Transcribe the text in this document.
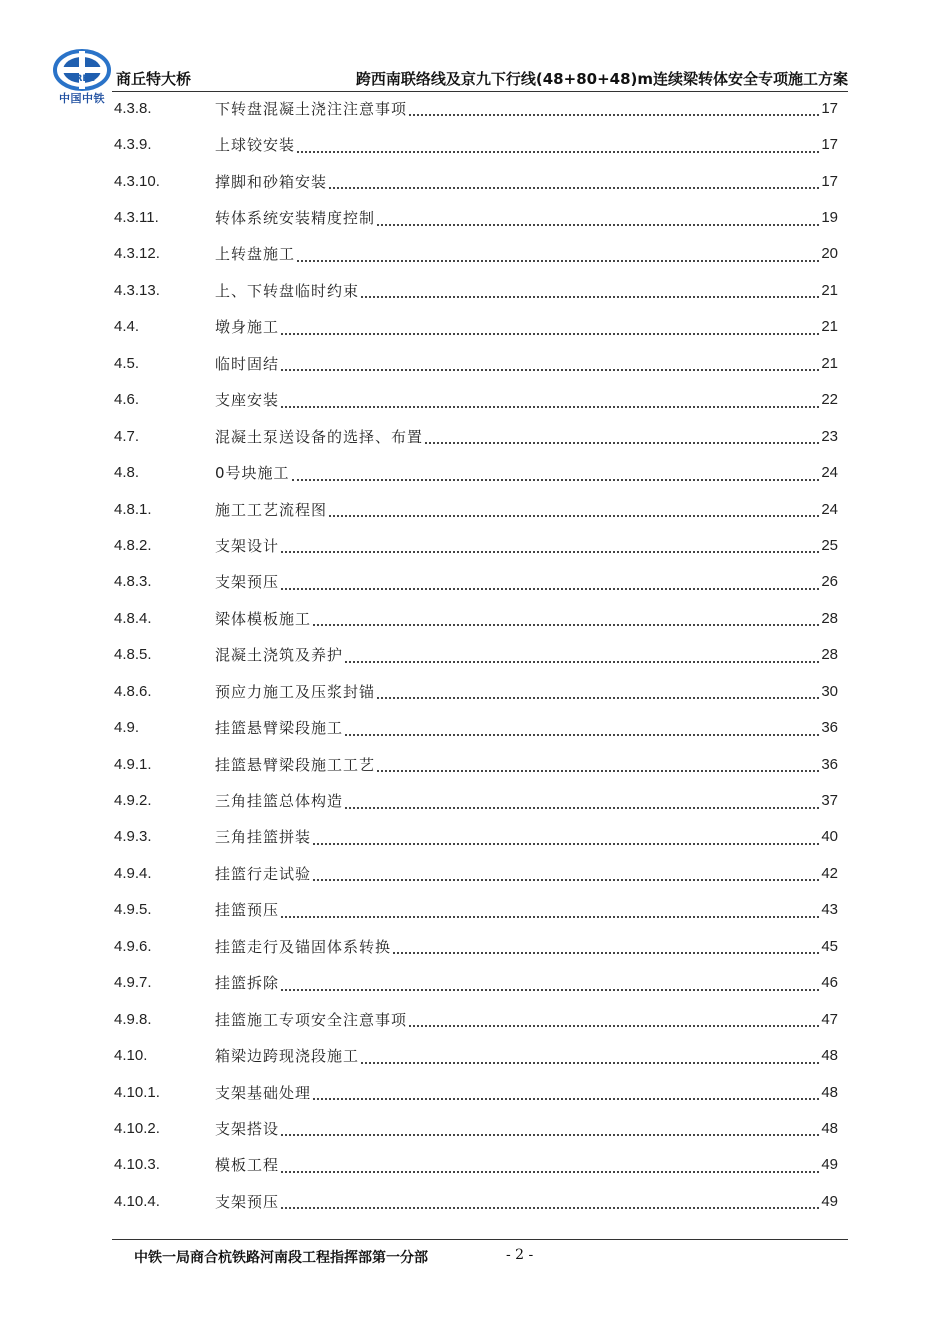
CREC
中国中铁
商丘特大桥	跨西南联络线及京九下行线(48+80+48)m连续梁转体安全专项施工方案
4.3.8.	下转盘混凝土浇注注意事项	17
4.3.9.	上球铰安装	17
4.3.10.	撑脚和砂箱安装	17
4.3.11.	转体系统安装精度控制	19
4.3.12.	上转盘施工	20
4.3.13.	上、下转盘临时约束	21
4.4.	墩身施工	21
4.5.	临时固结	21
4.6.	支座安装	22
4.7.	混凝土泵送设备的选择、布置	23
4.8.	0号块施工	24
4.8.1.	施工工艺流程图	24
4.8.2.	支架设计	25
4.8.3.	支架预压	26
4.8.4.	梁体模板施工	28
4.8.5.	混凝土浇筑及养护	28
4.8.6.	预应力施工及压浆封锚	30
4.9.	挂篮悬臂梁段施工	36
4.9.1.	挂篮悬臂梁段施工工艺	36
4.9.2.	三角挂篮总体构造	37
4.9.3.	三角挂篮拼装	40
4.9.4.	挂篮行走试验	42
4.9.5.	挂篮预压	43
4.9.6.	挂篮走行及锚固体系转换	45
4.9.7.	挂篮拆除	46
4.9.8.	挂篮施工专项安全注意事项	47
4.10.	箱梁边跨现浇段施工	48
4.10.1.	支架基础处理	48
4.10.2.	支架搭设	48
4.10.3.	模板工程	49
4.10.4.	支架预压	49
中铁一局商合杭铁路河南段工程指挥部第一分部	- 2 -
